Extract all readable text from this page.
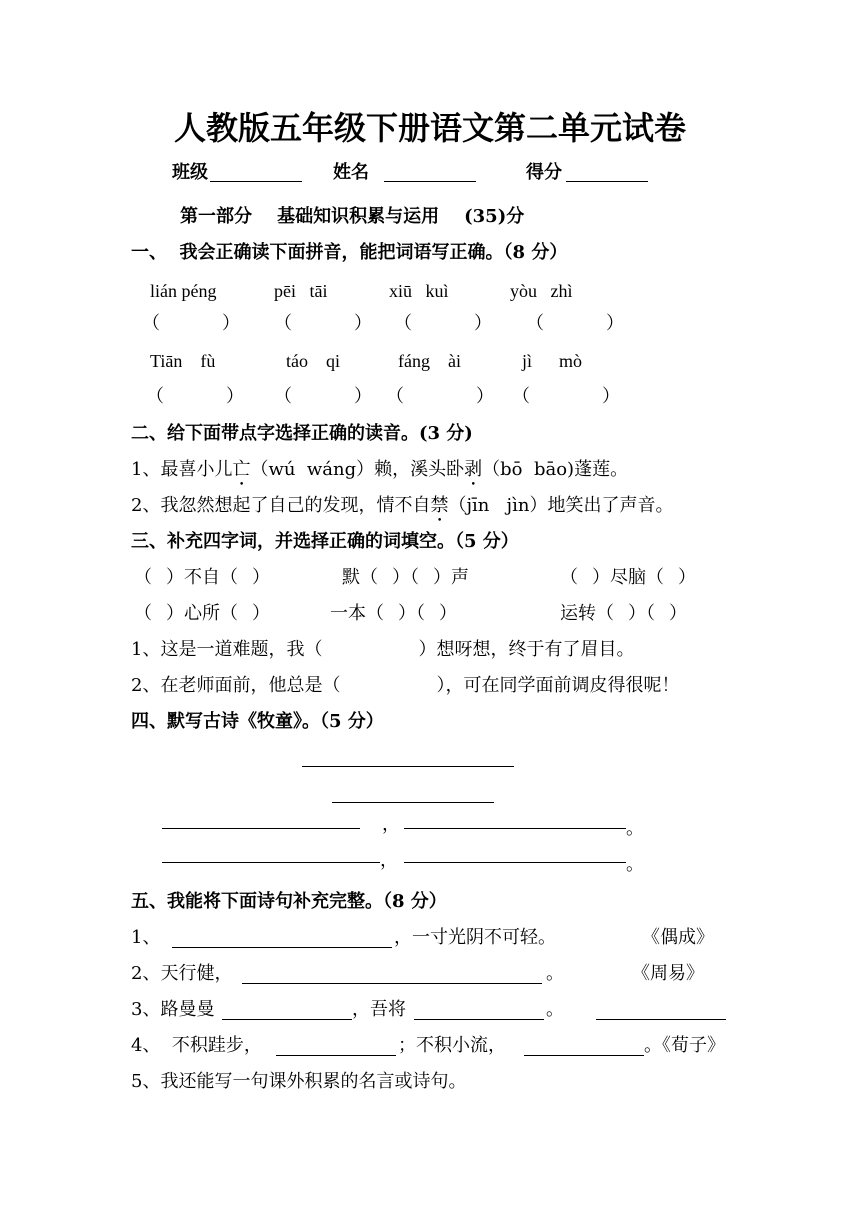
人教版五年级下册语文第二单元试卷
班级	姓名	得分
第一部分    基础知识积累与运用    (35)分
一、  我会正确读下面拼音，能把词语写正确。（8 分）
lián péng	pēi   tāi	xiū   kuì	yòu   zhì
（	） （	） （	） （	）
Tiān    fù	táo    qi	fáng    ài	jì      mò
（	） （	） （	） （	）
二、给下面带点字选择正确的读音。(3 分)
1、最喜小儿亡（wú  wáng）赖，溪头卧剥（bō  bāo)蓬莲。
2、我忽然想起了自己的发现，情不自禁（jīn   jìn）地笑出了声音。
三、补充四字词，并选择正确的词填空。（5 分）
（ ）不自（ ）	默（ ）（ ）声	（ ）尽脑（ ）
（ ）心所（ ）	一本（ ）（ ）	运转（ ）（ ）
1、这是一道难题，我（	）想呀想，终于有了眉目。
2、在老师面前，他总是（	），可在同学面前调皮得很呢！
四、默写古诗《牧童》。（5 分）
，	。
，	。
五、我能将下面诗句补充完整。（8 分）
1、	，一寸光阴不可轻。	《偶成》
2、天行健，	。	《周易》
3、路曼曼	，吾将	。
4、  不积跬步，	；不积小流，	。《荀子》
5、我还能写一句课外积累的名言或诗句。
